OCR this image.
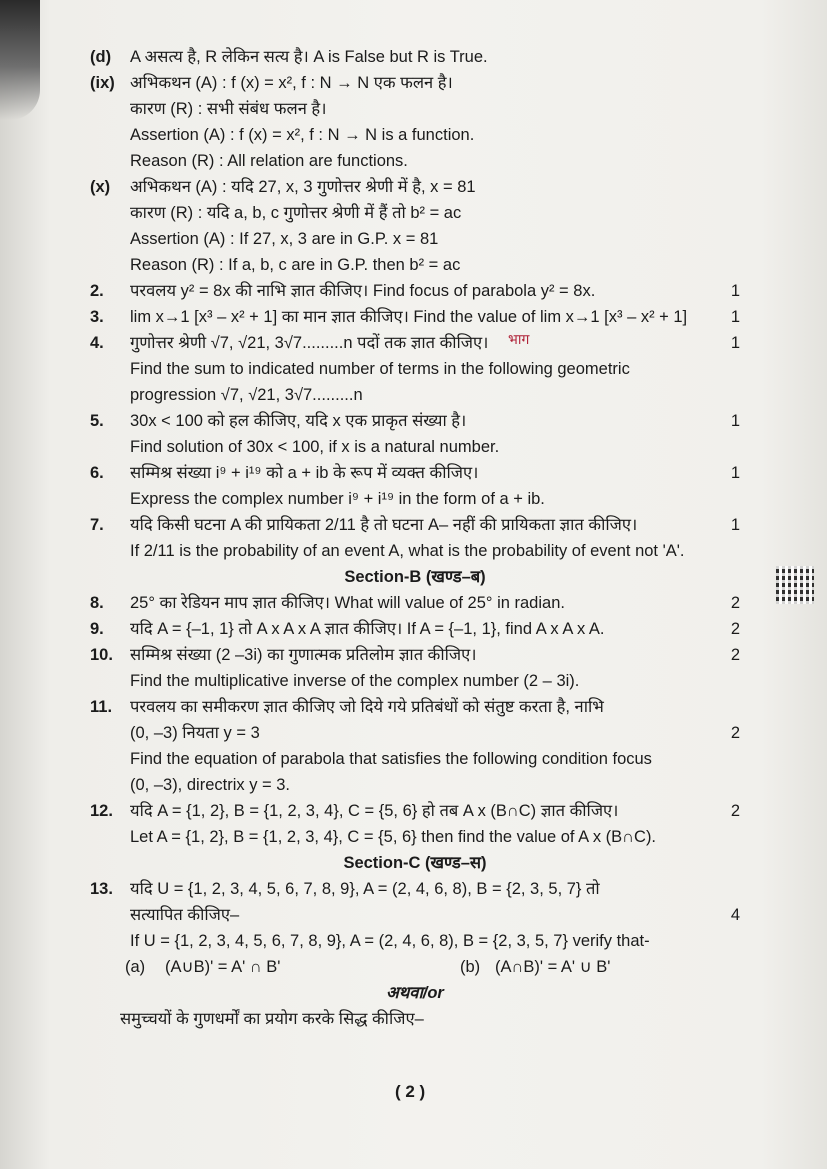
(d) A असत्य है, R लेकिन सत्य है। A is False but R is True.
(ix) अभिकथन (A) : f (x) = x², f : N → N एक फलन है।
कारण (R) : सभी संबंध फलन है।
Assertion (A) : f (x) = x², f : N → N is a function.
Reason (R) : All relation are functions.
(x) अभिकथन (A) : यदि 27, x, 3 गुणोत्तर श्रेणी में है, x = 81
कारण (R) : यदि a, b, c गुणोत्तर श्रेणी में हैं तो b² = ac
Assertion (A) : If 27, x, 3 are in G.P. x = 81
Reason (R) : If a, b, c are in G.P. then b² = ac
2. परवलय y² = 8x की नाभि ज्ञात कीजिए। Find focus of parabola y² = 8x.	1
3. lim x→1 [x³ – x² + 1] का मान ज्ञात कीजिए। Find the value of lim x→1 [x³ – x² + 1]	1
4. गुणोत्तर श्रेणी √7, √21, 3√7.........n पदों तक ज्ञात कीजिए।	1
Find the sum to indicated number of terms in the following geometric
progression √7, √21, 3√7.........n
5. 30x < 100 को हल कीजिए, यदि x एक प्राकृत संख्या है।	1
Find solution of 30x < 100, if x is a natural number.
6. सम्मिश्र संख्या i⁹ + i¹⁹ को a + ib के रूप में व्यक्त कीजिए।	1
Express the complex number i⁹ + i¹⁹ in the form of a + ib.
7. यदि किसी घटना A की प्रायिकता 2/11 है तो घटना A– नहीं की प्रायिकता ज्ञात कीजिए।	1
If 2/11 is the probability of an event A, what is the probability of event not 'A'.
Section-B (खण्ड–ब)
8. 25° का रेडियन माप ज्ञात कीजिए। What will value of 25° in radian.	2
9. यदि A = {–1, 1} तो A x A x A ज्ञात कीजिए। If A = {–1, 1}, find A x A x A.	2
10. सम्मिश्र संख्या (2 –3i) का गुणात्मक प्रतिलोम ज्ञात कीजिए।	2
Find the multiplicative inverse of the complex number (2 – 3i).
11. परवलय का समीकरण ज्ञात कीजिए जो दिये गये प्रतिबंधों को संतुष्ट करता है, नाभि
(0, –3) नियता y = 3	2
Find the equation of parabola that satisfies the following condition focus
(0, –3), directrix y = 3.
12. यदि A = {1, 2}, B = {1, 2, 3, 4}, C = {5, 6} हो तब A x (B∩C) ज्ञात कीजिए।	2
Let A = {1, 2}, B = {1, 2, 3, 4}, C = {5, 6} then find the value of A x (B∩C).
Section-C (खण्ड–स)
13. यदि U = {1, 2, 3, 4, 5, 6, 7, 8, 9}, A = (2, 4, 6, 8), B = {2, 3, 5, 7} तो
सत्यापित कीजिए–	4
If U = {1, 2, 3, 4, 5, 6, 7, 8, 9}, A = (2, 4, 6, 8), B = {2, 3, 5, 7} verify that-
(a) (A∪B)' = A' ∩ B'	(b) (A∩B)' = A' ∪ B'
अथवा/or
समुच्चयों के गुणधर्मों का प्रयोग करके सिद्ध कीजिए–
भाग
( 2 )
